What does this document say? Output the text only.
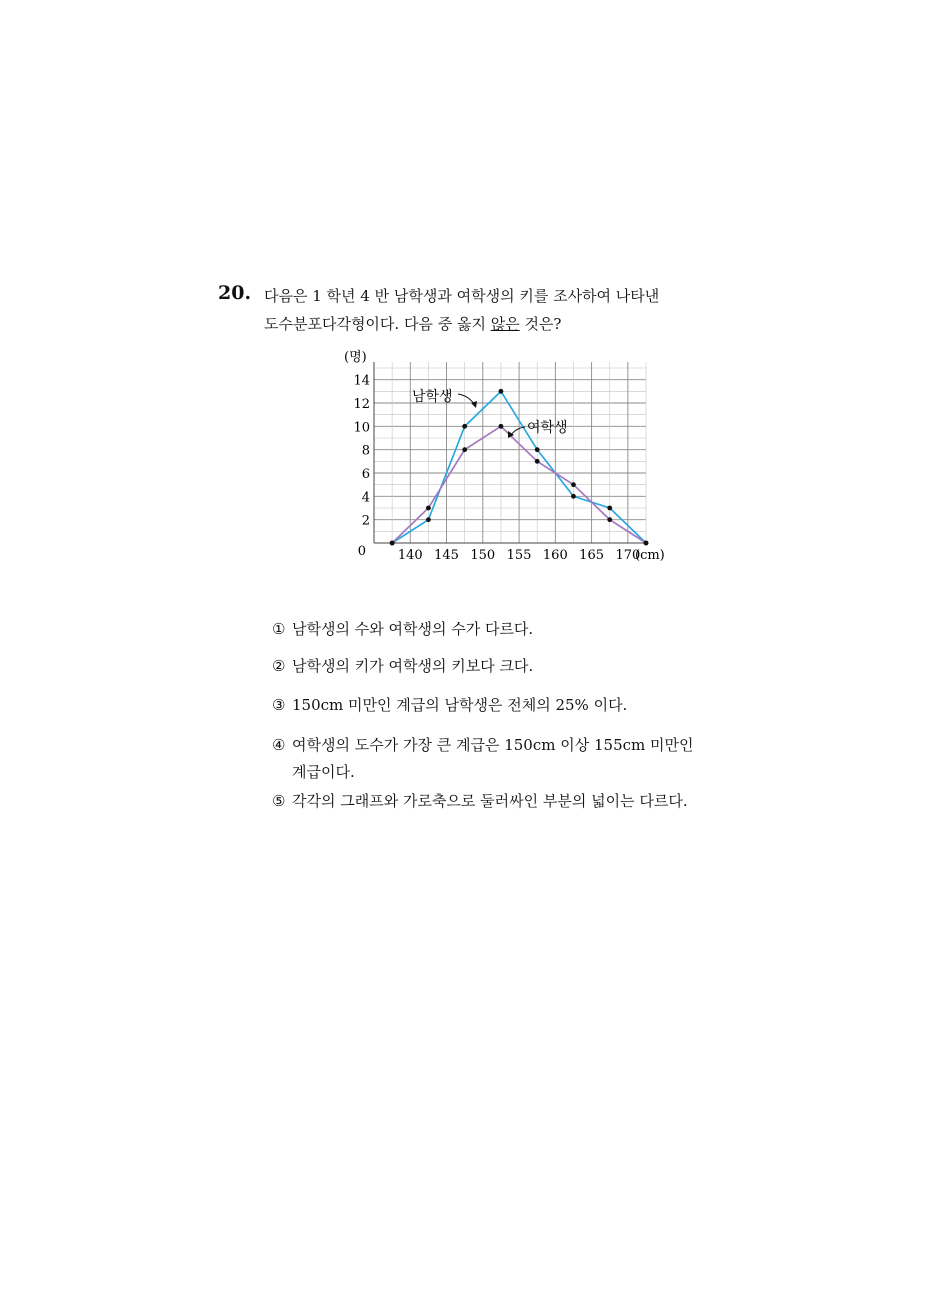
20. 다음은 1 학년 4 반 남학생과 여학생의 키를 조사하여 나타낸
도수분포다각형이다. 다음 중 옳지 않은 것은?
0
2
4
6
8
10
12
14
140 145 150 155 160 165 170
남학생
여학생
(명)
(cm)
① 남학생의 수와 여학생의 수가 다르다.
② 남학생의 키가 여학생의 키보다 크다.
③ 150cm 미만인 계급의 남학생은 전체의 25% 이다.
④ 여학생의 도수가 가장 큰 계급은 150cm 이상 155cm 미만인
계급이다.
⑤ 각각의 그래프와 가로축으로 둘러싸인 부분의 넓이는 다르다.
